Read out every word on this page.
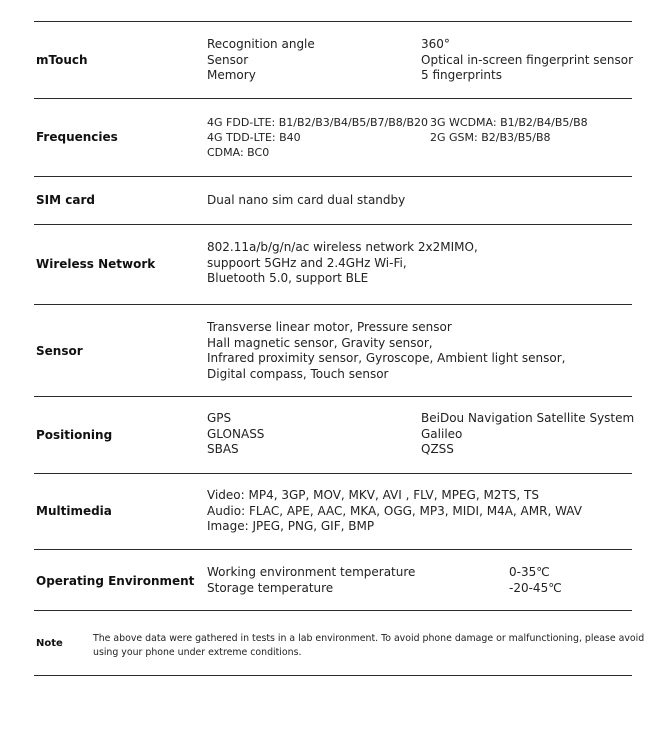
mTouch
Recognition angle
Sensor
Memory
360°
Optical in-screen fingerprint sensor
5 fingerprints
Frequencies
4G FDD-LTE: B1/B2/B3/B4/B5/B7/B8/B20
4G TDD-LTE: B40
CDMA: BC0
3G WCDMA: B1/B2/B4/B5/B8
2G GSM: B2/B3/B5/B8
SIM card	Dual nano sim card dual standby
Wireless Network
802.11a/b/g/n/ac wireless network 2x2MIMO,
suppoort 5GHz and 2.4GHz Wi-Fi,
Bluetooth 5.0, support BLE
Sensor
Transverse linear motor, Pressure sensor
Hall magnetic sensor, Gravity sensor,
Infrared proximity sensor, Gyroscope, Ambient light sensor,
Digital compass, Touch sensor
Positioning
GPS
GLONASS
SBAS
BeiDou Navigation Satellite System
Galileo
QZSS
Multimedia
Video: MP4, 3GP, MOV, MKV, AVI , FLV, MPEG, M2TS, TS
Audio: FLAC, APE, AAC, MKA, OGG, MP3, MIDI, M4A, AMR, WAV
Image: JPEG, PNG, GIF, BMP
Operating Environment
Working environment temperature
Storage temperature
0-35℃
-20-45℃
Note	The above data were gathered in tests in a lab environment. To avoid phone damage or malfunctioning, please avoid
using your phone under extreme conditions.
